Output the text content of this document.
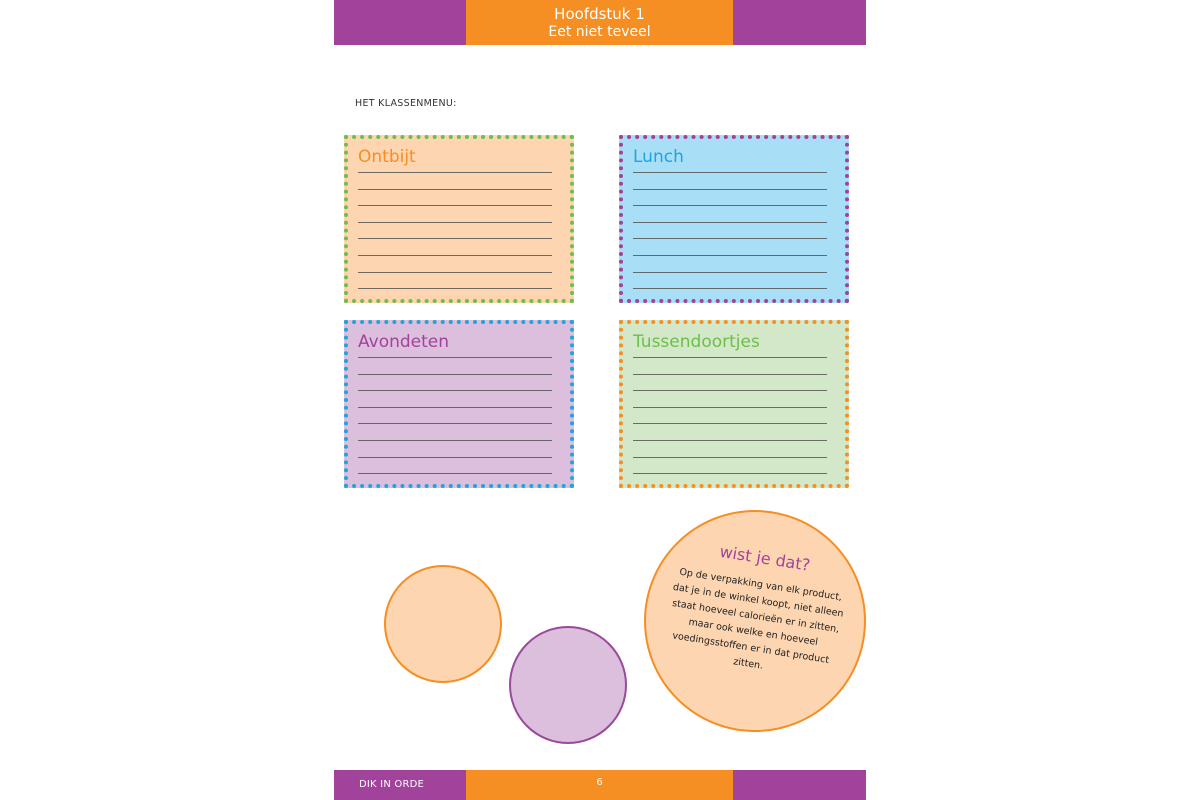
Hoofdstuk 1
Eet niet teveel
HET KLASSENMENU:
Ontbijt	Lunch
Avondeten	Tussendoortjes
wist je dat?
Op de verpakking van elk product, dat je in de winkel koopt, niet alleen staat hoeveel calorieën er in zitten, maar ook welke en hoeveel voedingsstoffen er in dat product zitten.
DIK IN ORDE	6
